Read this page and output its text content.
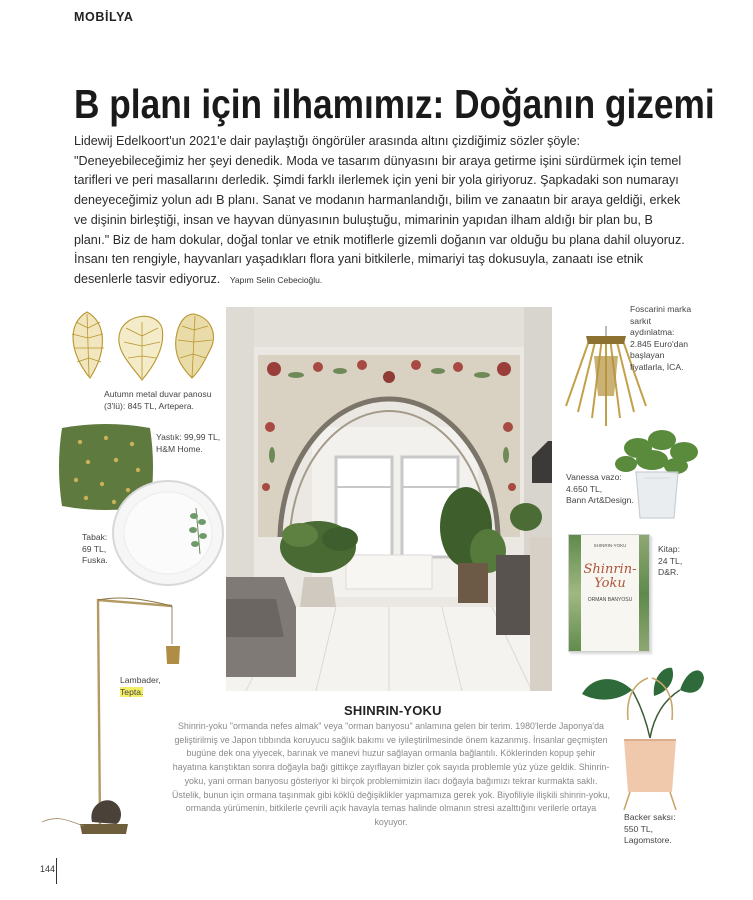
MOBİLYA
B planı için ilhamımız: Doğanın gizemi

Lidewij Edelkoort'un 2021'e dair paylaştığı öngörüler arasında altını çizdiğimiz sözler şöyle: "Deneyebileceğimiz her şeyi denedik. Moda ve tasarım dünyasını bir araya getirme işini sürdürmek için temel tarifleri ve peri masallarını derledik. Şimdi farklı ilerlemek için yeni bir yola giriyoruz. Şapkadaki son numarayı deneyeceğimiz yolun adı B planı. Sanat ve modanın harmanlandığı, bilim ve zanaatın bir araya geldiği, erkek ve dişinin birleştiği, insan ve hayvan dünyasının buluştuğu, mimarinin yapıdan ilham aldığı bir plan bu, B planı." Biz de ham dokular, doğal tonlar ve etnik motiflerle gizemli doğanın var olduğu bu plana dahil oluyoruz. İnsanı ten rengiyle, hayvanları yaşadıkları flora yani bitkilerle, mimariyi taş dokusuyla, zanaatı ise etnik desenlerle tasvir ediyoruz. Yapım Selin Cebecioğlu.

Autumn metal duvar panosu
(3'lü): 845 TL, Artepera.
Yastık: 99,99 TL,
H&M Home.
Tabak:
69 TL,
Fuska.
Lambader,
Tepta.
Foscarini marka
sarkıt
aydınlatma:
2.845 Euro'dan
başlayan
fiyatlarla, İCA.
Vanessa vazo:
4.650 TL,
Bann Art&Design.
SHINRIN-YOKU
Shinrin-
Yoku
ORMAN BANYOSU
Kitap:
24 TL,
D&R.
Backer saksı:
550 TL,
Lagomstore.
SHINRIN-YOKU

Shinrin-yoku "ormanda nefes almak" veya "orman banyosu" anlamına gelen bir terim. 1980'lerde Japonya'da geliştirilmiş ve Japon tıbbında koruyucu sağlık bakımı ve iyileştirilmesinde önem kazanmış. İnsanlar geçmişten bugüne dek ona yiyecek, barınak ve manevi huzur sağlayan ormanla bağlantılı. Köklerinden kopup şehir hayatına karıştıktan sonra doğayla bağı gittikçe zayıflayan bizler çok sayıda problemle yüz yüze geldik. Shinrin-yoku, yani orman banyosu gösteriyor ki birçok problemimizin ilacı doğayla bağımızı tekrar kurmakta saklı. Üstelik, bunun için ormana taşınmak gibi köklü değişiklikler yapmamıza gerek yok. Biyofiliyle ilişkili shinrin-yoku, ormanda yürümenin, bitkilerle çevrili açık havayla temas halinde olmanın stresi azalttığını verilerle ortaya koyuyor.

144
